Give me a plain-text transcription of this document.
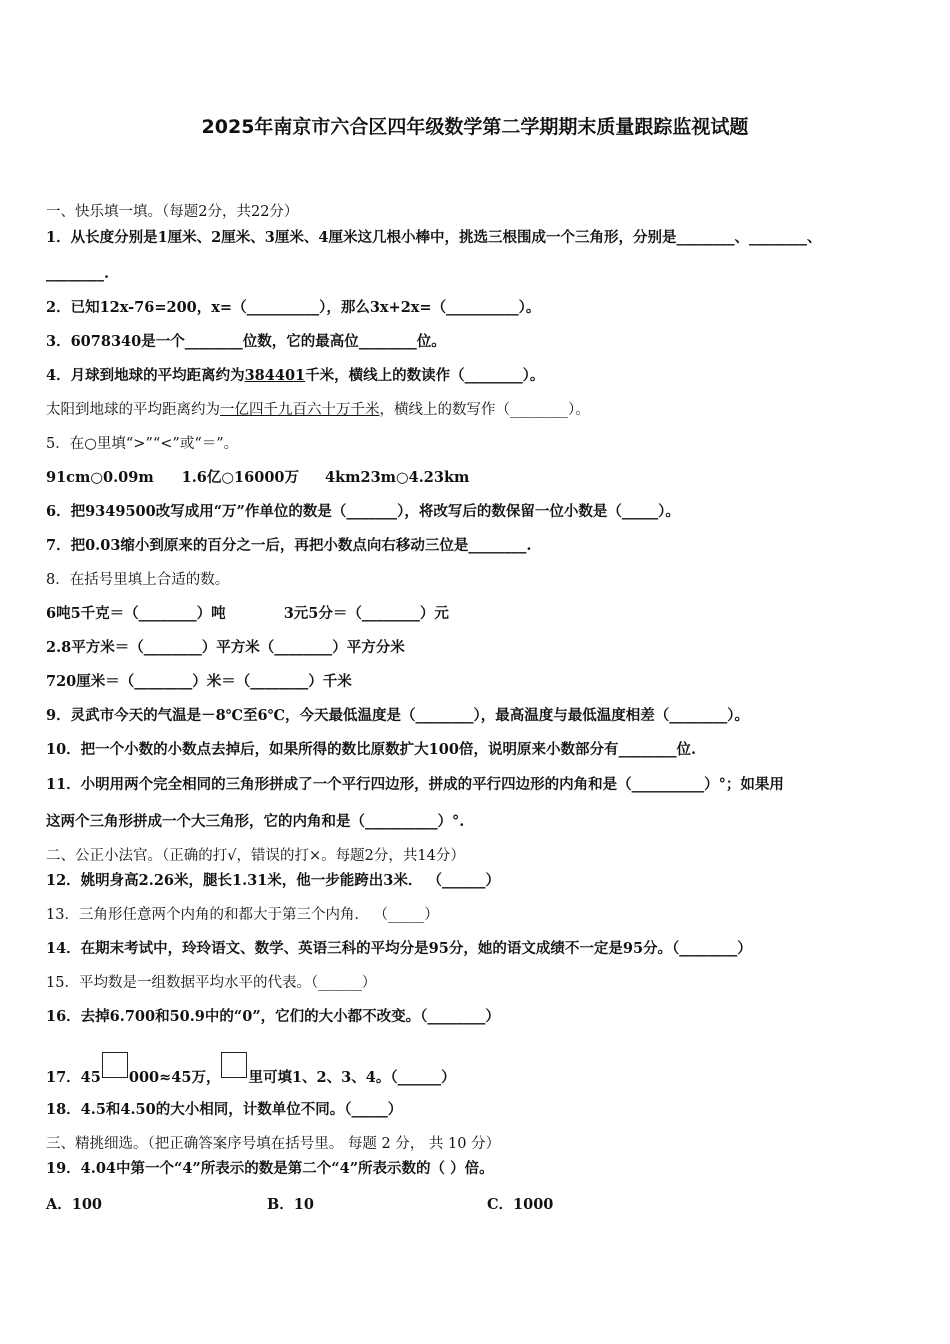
2025年南京市六合区四年级数学第二学期期末质量跟踪监视试题
一、快乐填一填。（每题2分，共22分）
1．从长度分别是1厘米、2厘米、3厘米、4厘米这几根小棒中，挑选三根围成一个三角形，分别是________、________、
________.
2．已知12x-76=200，x=（__________），那么3x+2x=（__________）。
3．6078340是一个________位数，它的最高位________位。
4．月球到地球的平均距离约为384401千米，横线上的数读作（________）。
太阳到地球的平均距离约为一亿四千九百六十万千米，横线上的数写作（________）。
5．在○里填“>”“<”或“＝”。
91cm○0.09m 1.6亿○16000万 4km23m○4.23km
6．把9349500改写成用“万”作单位的数是（_______），将改写后的数保留一位小数是（_____）。
7．把0.03缩小到原来的百分之一后，再把小数点向右移动三位是________.
8．在括号里填上合适的数。
6吨5千克＝（________）吨	3元5分＝（________）元
2.8平方米＝（________）平方米（________）平方分米
720厘米＝（________）米＝（________）千米
9．灵武市今天的气温是－8℃至6℃，今天最低温度是（________），最高温度与最低温度相差（________）。
10．把一个小数的小数点去掉后，如果所得的数比原数扩大100倍，说明原来小数部分有________位.
11．小明用两个完全相同的三角形拼成了一个平行四边形，拼成的平行四边形的内角和是（__________）°；如果用
这两个三角形拼成一个大三角形，它的内角和是（__________）°.
二、公正小法官。（正确的打√，错误的打×。每题2分，共14分）
12．姚明身高2.26米，腿长1.31米，他一步能跨出3米． （______）
13．三角形任意两个内角的和都大于第三个内角． （_____）
14．在期末考试中，玲玲语文、数学、英语三科的平均分是95分，她的语文成绩不一定是95分。（________）
15．平均数是一组数据平均水平的代表。（______）
16．去掉6.700和50.9中的“0”，它们的大小都不改变。（________）
17．45 000≈45万， 里可填1、2、3、4。（______）
18．4.5和4.50的大小相同，计数单位不同。（_____）
三、精挑细选。（把正确答案序号填在括号里。 每题 2 分， 共 10 分）
19．4.04中第一个“4”所表示的数是第二个“4”所表示数的（ ）倍。
A．100	B．10	C．1000
